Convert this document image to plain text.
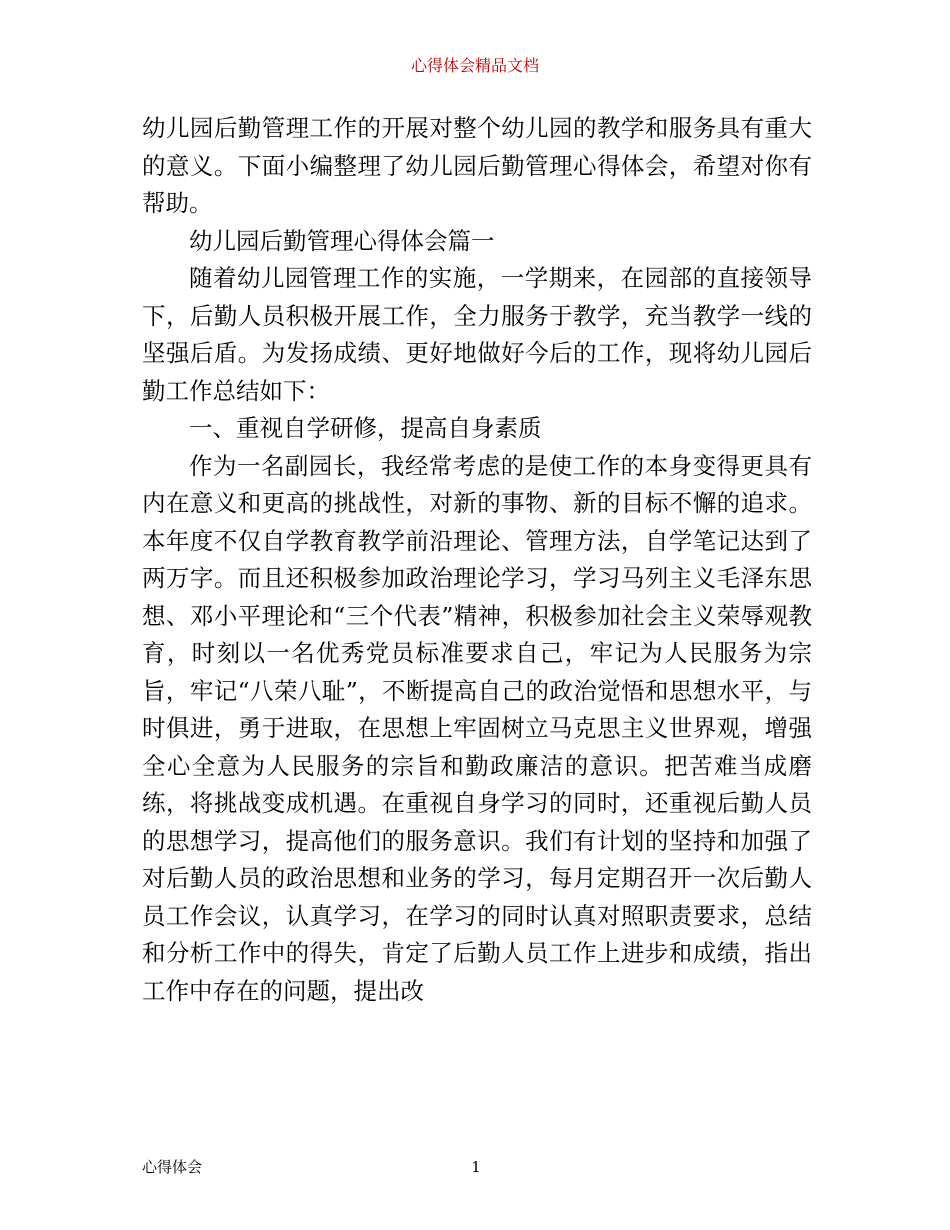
心得体会精品文档

幼儿园后勤管理工作的开展对整个幼儿园的教学和服务具有重大的意义。下面小编整理了幼儿园后勤管理心得体会，希望对你有帮助。

幼儿园后勤管理心得体会篇一

随着幼儿园管理工作的实施，一学期来，在园部的直接领导下，后勤人员积极开展工作，全力服务于教学，充当教学一线的坚强后盾。为发扬成绩、更好地做好今后的工作，现将幼儿园后勤工作总结如下：

一、重视自学研修，提高自身素质

作为一名副园长，我经常考虑的是使工作的本身变得更具有内在意义和更高的挑战性，对新的事物、新的目标不懈的追求。本年度不仅自学教育教学前沿理论、管理方法，自学笔记达到了两万字。而且还积极参加政治理论学习，学习马列主义毛泽东思想、邓小平理论和“三个代表”精神，积极参加社会主义荣辱观教育，时刻以一名优秀党员标准要求自己，牢记为人民服务为宗旨，牢记“八荣八耻”，不断提高自己的政治觉悟和思想水平，与时俱进，勇于进取，在思想上牢固树立马克思主义世界观，增强全心全意为人民服务的宗旨和勤政廉洁的意识。把苦难当成磨练，将挑战变成机遇。在重视自身学习的同时，还重视后勤人员的思想学习，提高他们的服务意识。我们有计划的坚持和加强了对后勤人员的政治思想和业务的学习，每月定期召开一次后勤人员工作会议，认真学习，在学习的同时认真对照职责要求，总结和分析工作中的得失，肯定了后勤人员工作上进步和成绩，指出工作中存在的问题，提出改

心得体会	1
